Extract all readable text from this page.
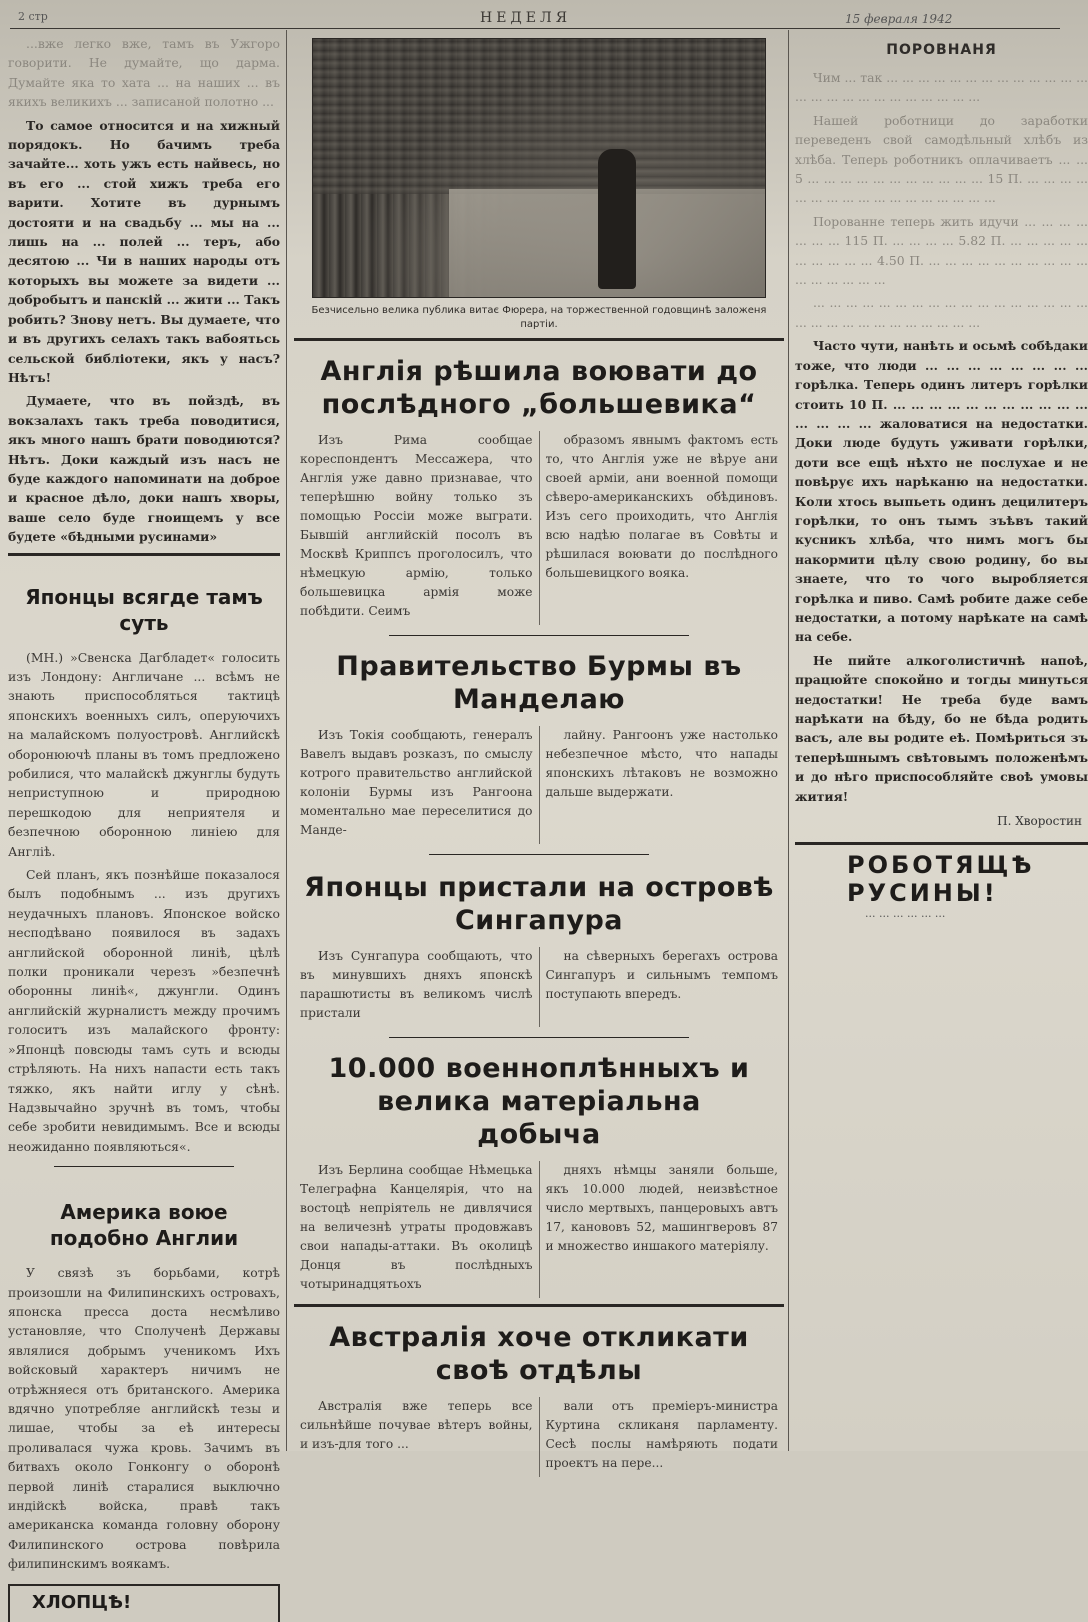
2 стр	НЕДЕЛЯ	15 февраля 1942

...вже легко вже, тамъ въ Ужгоро говорити. Не думайте, що дарма. Думайте яка то хата ... на наших ... въ якихъ великихъ ... записаной полотно ...

То самое относится и на хижный порядокъ. Но бачимъ треба зачайте... хоть ужъ есть найвесь, но въ его ... стой хижъ треба его варити. Хотите въ дурнымъ достояти и на свадьбу ... мы на ... лишь на ... полей ... теръ, або десятою ... Чи в наших народы отъ которыхъ вы можете за видети ... добробытъ и панскій ... жити ... Такъ робить? Знову нетъ. Вы думаете, что и въ другихъ селахъ такъ вабоятьсь сельской библіотеки, якъ у насъ? Нѣтъ!

Думаете, что въ пойздѣ, въ вокзалахъ такъ треба поводитися, якъ много нашъ брати поводиются? Нѣтъ. Доки каждый изъ насъ не буде каждого напоминати на доброе и красное дѣло, доки нашъ хворы, ваше село буде гноищемъ у все будете «бѣдными русинами»

Японцы всягде тамъ суть

(МН.) »Свенска Дагбладет« голосить изъ Лондону: Англичане ... всѣмъ не знають приспособляться тактицѣ японскихъ военныхъ силъ, оперуючихъ на малайскомъ полуостровѣ. Английскѣ оборонюючѣ планы въ томъ предложено робилися, что малайскѣ джунглы будуть неприступною и природною перешкодою для неприятеля и безпечною оборонною линiею для Англiѣ.

Сей планъ, якъ познѣйше показалося былъ подобнымъ ... изъ другихъ неудачныхъ плановъ. Японское войско несподѣвано появилося въ задахъ английской оборонной линiѣ, цѣлѣ полки проникали черезъ »безпечнѣ оборонны линiѣ«, джунгли. Одинъ английскiй журналистъ между прочимъ голоситъ изъ малайского фронту: »Японцѣ повсюды тамъ суть и всюды стрѣляють. На нихъ напасти есть такъ тяжко, якъ найти иглу у сѣнѣ. Надзвычайно зручнѣ въ томъ, чтобы себе зробити невидимымъ. Все и всюды неожиданно появляються«.

Америка воюе подобно Англии

У связѣ зъ борьбами, котрѣ произошли на Филипинскихъ островахъ, японска пресса доста несмѣливо установляе, что Сполученѣ Державы являлися добрымъ ученикомъ Ихъ войсковый характеръ ничимъ не отрѣжняеся отъ британского. Америка вдячно употребляе английскѣ тезы и лишае, чтобы за еѣ интересы проливалася чужа кровь. Зачимъ въ битвахъ около Гонконгу о оборонѣ первой линiѣ старалися выключно индiйскѣ войска, правѣ такъ американска команда головну оборону Филипинского острова повѣрила филипинскимъ воякамъ.

ХЛОПЦѢ!
Безчисельно велика публика витає Фюрера, на торжественной годовщинѣ заложеня партiи.
Англiя рѣшила воювати до послѣдного „большевика“

Изъ Рима сообщае кореспондентъ Мессажера, что Англiя уже давно признавае, что теперѣшню войну только зъ помощью Россiи може выграти. Бывшiй английскiй посолъ въ Москвѣ Криппсъ проголосилъ, что нѣмецкую армiю, только большевицка армiя може побѣдити. Сеимъ

образомъ явнымъ фактомъ есть то, что Англiя уже не вѣруе ани своей армiи, ани военной помощи сѣверо-американскихъ обѣдиновъ. Изъ сего проиходить, что Англiя всю надѣю полагае въ Совѣты и рѣшилася воювати до послѣдного большевицкого вояка.

Правительство Бурмы въ Манделаю

Изъ Токiя сообщають, генералъ Вавелъ выдавъ розказъ, по смыслу котрого правительство английской колонiи Бурмы изъ Рангоона моментально мае переселитися до Манде-

лайну. Рангоонъ уже настолько небезпечное мѣсто, что напады японскихъ лѣтаковъ не возможно дальше выдержати.

Японцы пристали на островѣ Сингапура

Изъ Сунгапура сообщають, что въ минувшихъ дняхъ японскѣ парашютисты въ великомъ числѣ пристали

на сѣверныхъ берегахъ острова Сингапуръ и сильнымъ темпомъ поступають впередъ.

10.000 военноплѣнныхъ и велика матерiальна добыча

Изъ Берлина сообщае Нѣмецька Телеграфна Канцелярiя, что на востоцѣ непрiятель не дивлячися на величезнѣ утраты продовжавъ свои напады-аттаки. Въ околицѣ Донця въ послѣдныхъ чотыринадцятьохъ

дняхъ нѣмцы заняли больше, якъ 10.000 людей, неизвѣстное число мертвыхъ, панцеровыхъ автъ 17, канововъ 52, машингверовъ 87 и множество иншакого матерiялу.

Австралiя хоче откликати своѣ отдѣлы

Австралiя вже теперь все сильнѣйше почувае вѣтеръ войны, и изъ-для того ...

вали отъ премiеръ-министра Куртина скликаня парламенту. Сесѣ послы намѣряють подати проектъ на пере...

ПОРОВНАНЯ

Чим ... так ... ... ... ... ... ... ... ... ... ... ... ... ... ... ... ... ... ... ... ... ... ... ... ... ...

Нашей роботници до заработки переведенъ свой самодѣльный хлѣбъ из хлѣба. Теперь роботникъ оплачиваетъ ... ... 5 ... ... ... ... ... ... ... ... ... ... ... 15 П. ... ... ... ... ... ... ... ... ... ... ... ... ... ... ... ... ...

Порованне теперь жить идучи ... ... ... ... ... ... ... 115 П. ... ... ... ... 5.82 П. ... ... ... ... ... ... ... ... ... ... 4.50 П. ... ... ... ... ... ... ... ... ... ... ... ... ... ... ... ...

... ... ... ... ... ... ... ... ... ... ... ... ... ... ... ... ... ... ... ... ... ... ... ... ... ... ... ... ...

Часто чути, нанѣть и осьмѣ собѣдаки тоже, что люди ... ... ... ... ... ... ... ... горѣлка. Теперь одинъ литеръ горѣлки стоить 10 П. ... ... ... ... ... ... ... ... ... ... ... ... ... ... ... жаловатися на недостатки. Доки люде будуть уживати горѣлки, доти все ещѣ нѣхто не послухае и не повѣрує ихъ нарѣканю на недостатки. Коли хтось выпьеть одинъ децилитеръ горѣлки, то онъ тымъ зъѣвъ такий кусникъ хлѣба, что нимъ могъ бы накормити цѣлу свою родину, бо вы знаете, что то чого выробляется горѣлка и пиво. Самѣ робите даже себе недостатки, а потому нарѣкате на самѣ на себе.

Не пийте алкоголистичнѣ напоѣ, працюйте спокойно и тогды минуться недостатки! Не треба буде вамъ нарѣкати на бѣду, бо не бѣда родить васъ, але вы родите еѣ. Помѣриться зъ теперѣшнымъ свѣтовымъ положенѣмъ и до нѣго приспособляйте своѣ умовы жития!

П. Хворостин
РОБОТЯЩѢ РУСИНЫ!
... ... ... ... ... ...
